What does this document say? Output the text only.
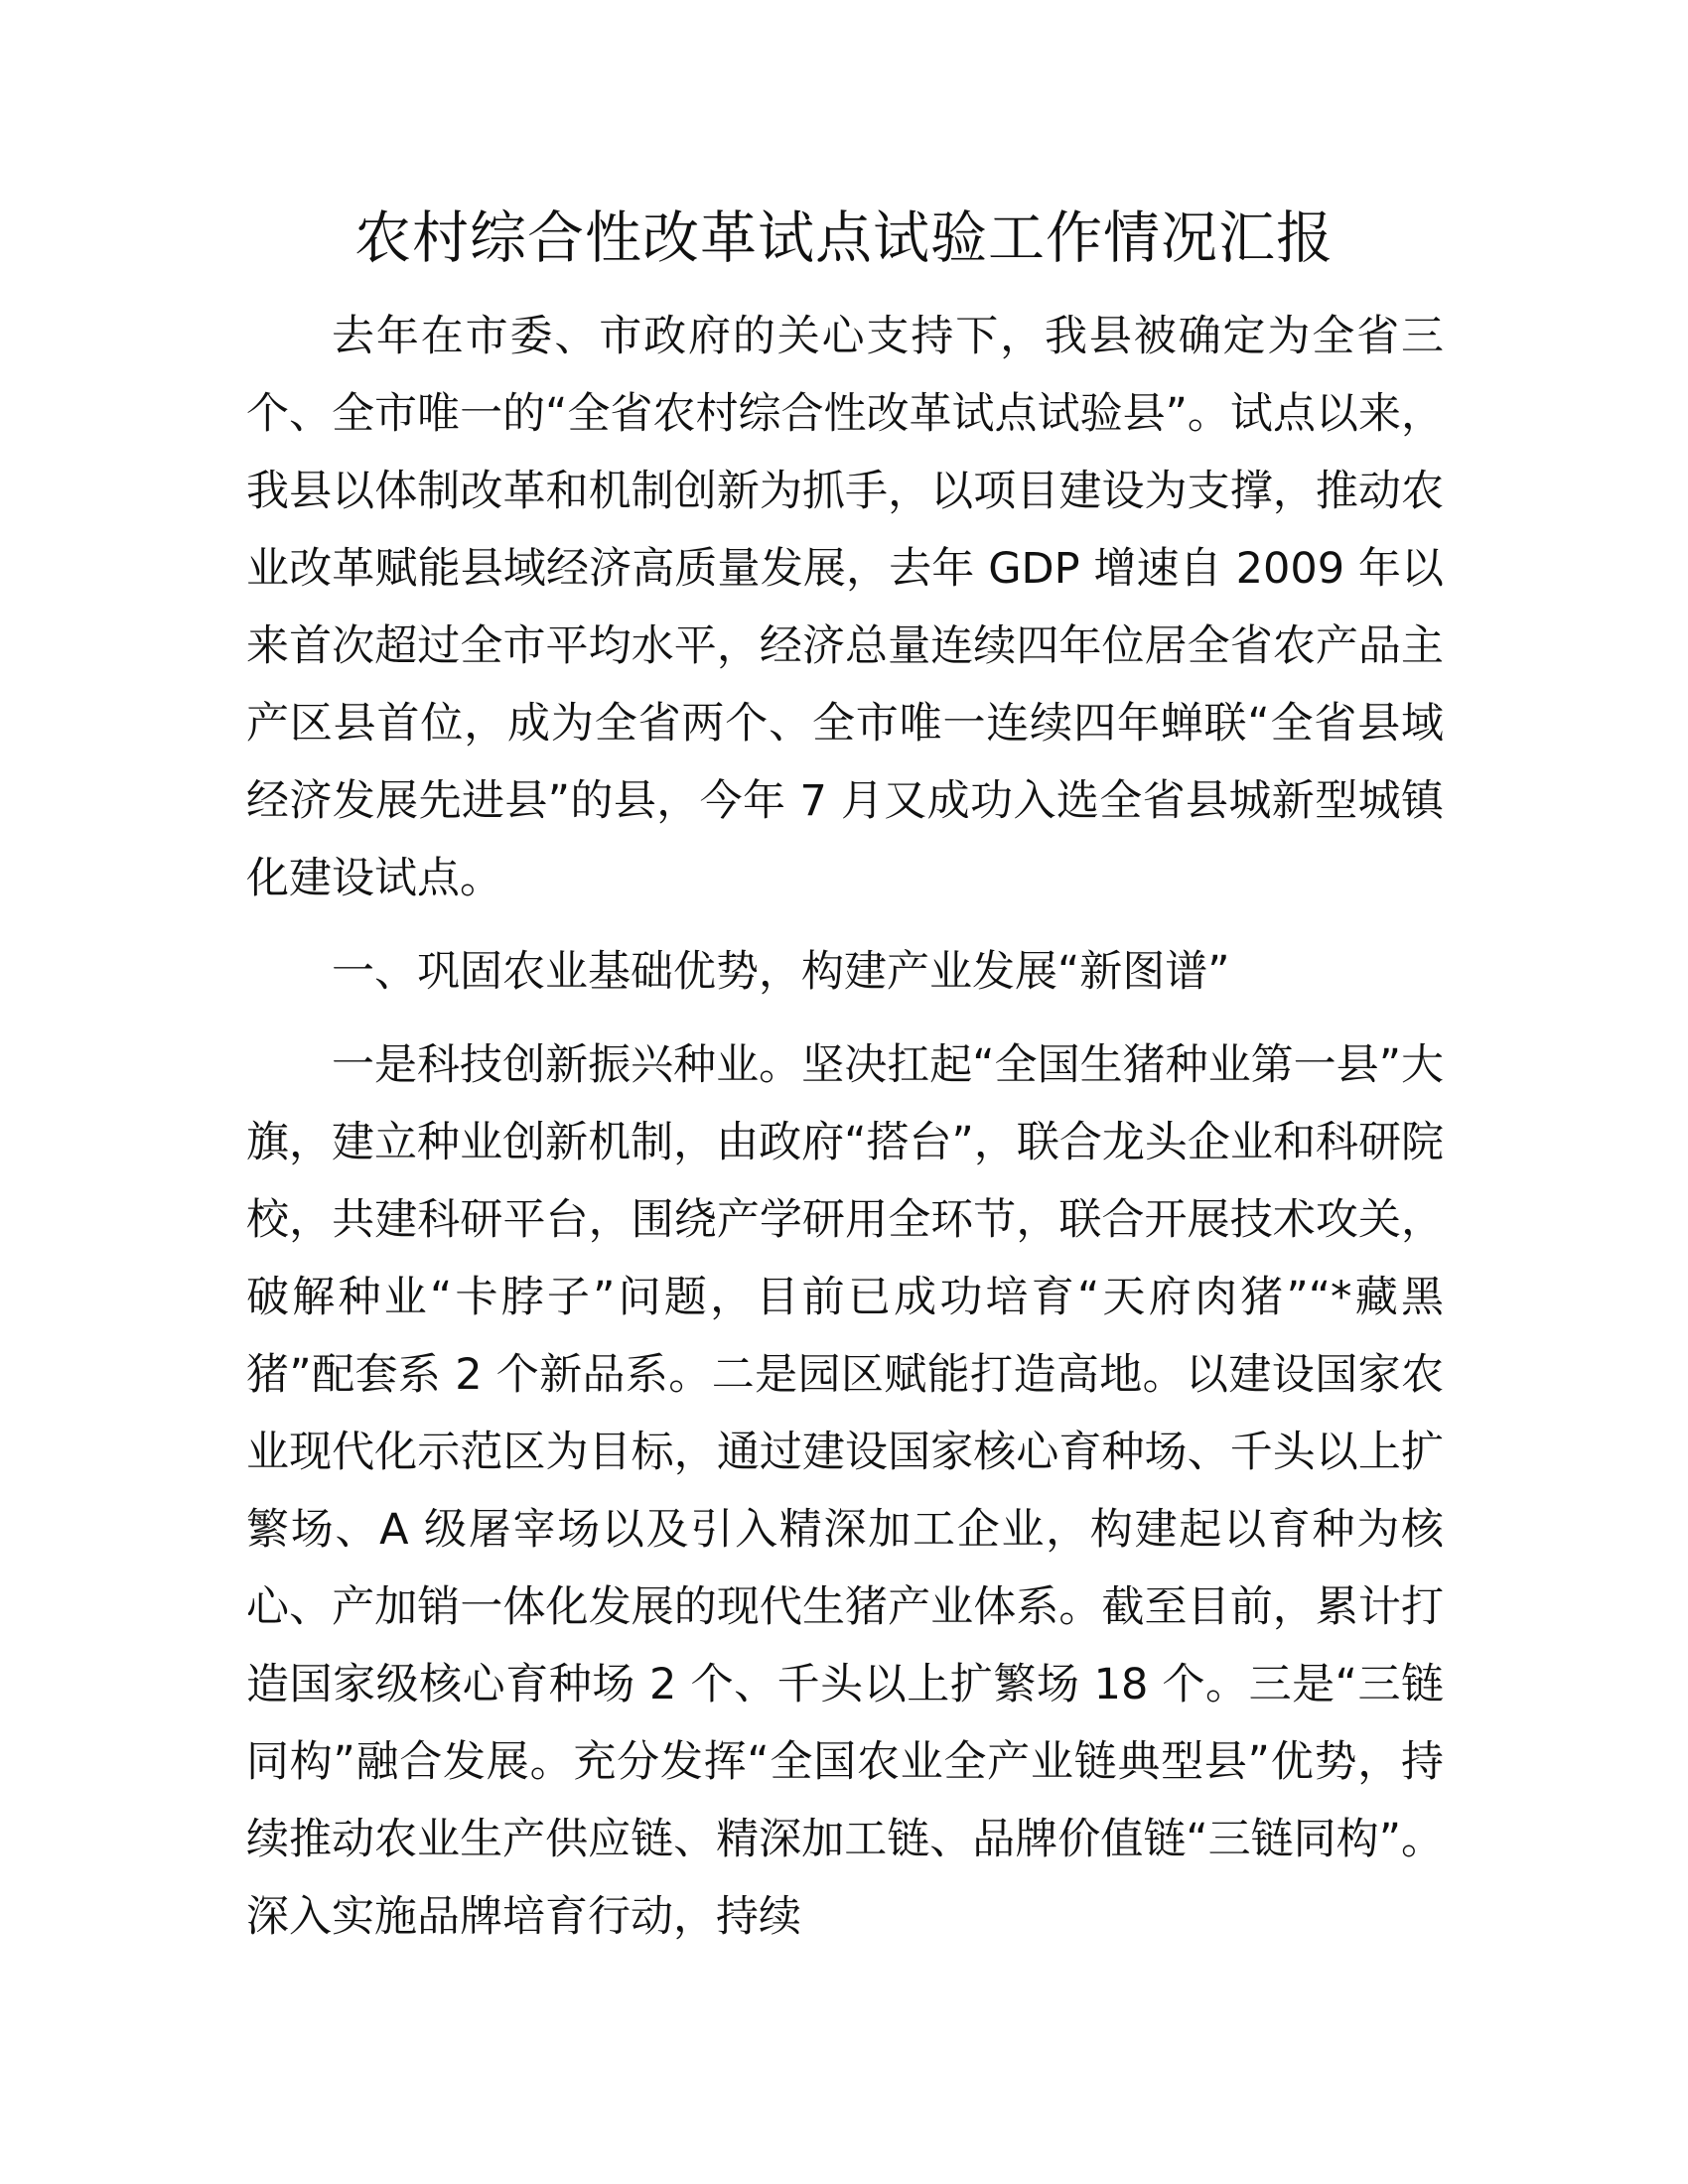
农村综合性改革试点试验工作情况汇报

去年在市委、市政府的关心支持下，我县被确定为全省三个、全市唯一的“全省农村综合性改革试点试验县”。试点以来，我县以体制改革和机制创新为抓手，以项目建设为支撑，推动农业改革赋能县域经济高质量发展，去年 GDP 增速自 2009 年以来首次超过全市平均水平，经济总量连续四年位居全省农产品主产区县首位，成为全省两个、全市唯一连续四年蝉联“全省县域经济发展先进县”的县，今年 7 月又成功入选全省县城新型城镇化建设试点。

一、巩固农业基础优势，构建产业发展“新图谱”

一是科技创新振兴种业。坚决扛起“全国生猪种业第一县”大旗，建立种业创新机制，由政府“搭台”，联合龙头企业和科研院校，共建科研平台，围绕产学研用全环节，联合开展技术攻关，破解种业“卡脖子”问题，目前已成功培育“天府肉猪”“*藏黑猪”配套系 2 个新品系。二是园区赋能打造高地。以建设国家农业现代化示范区为目标，通过建设国家核心育种场、千头以上扩繁场、A 级屠宰场以及引入精深加工企业，构建起以育种为核心、产加销一体化发展的现代生猪产业体系。截至目前，累计打造国家级核心育种场 2 个、千头以上扩繁场 18 个。三是“三链同构”融合发展。充分发挥“全国农业全产业链典型县”优势，持续推动农业生产供应链、精深加工链、品牌价值链“三链同构”。深入实施品牌培育行动，持续
